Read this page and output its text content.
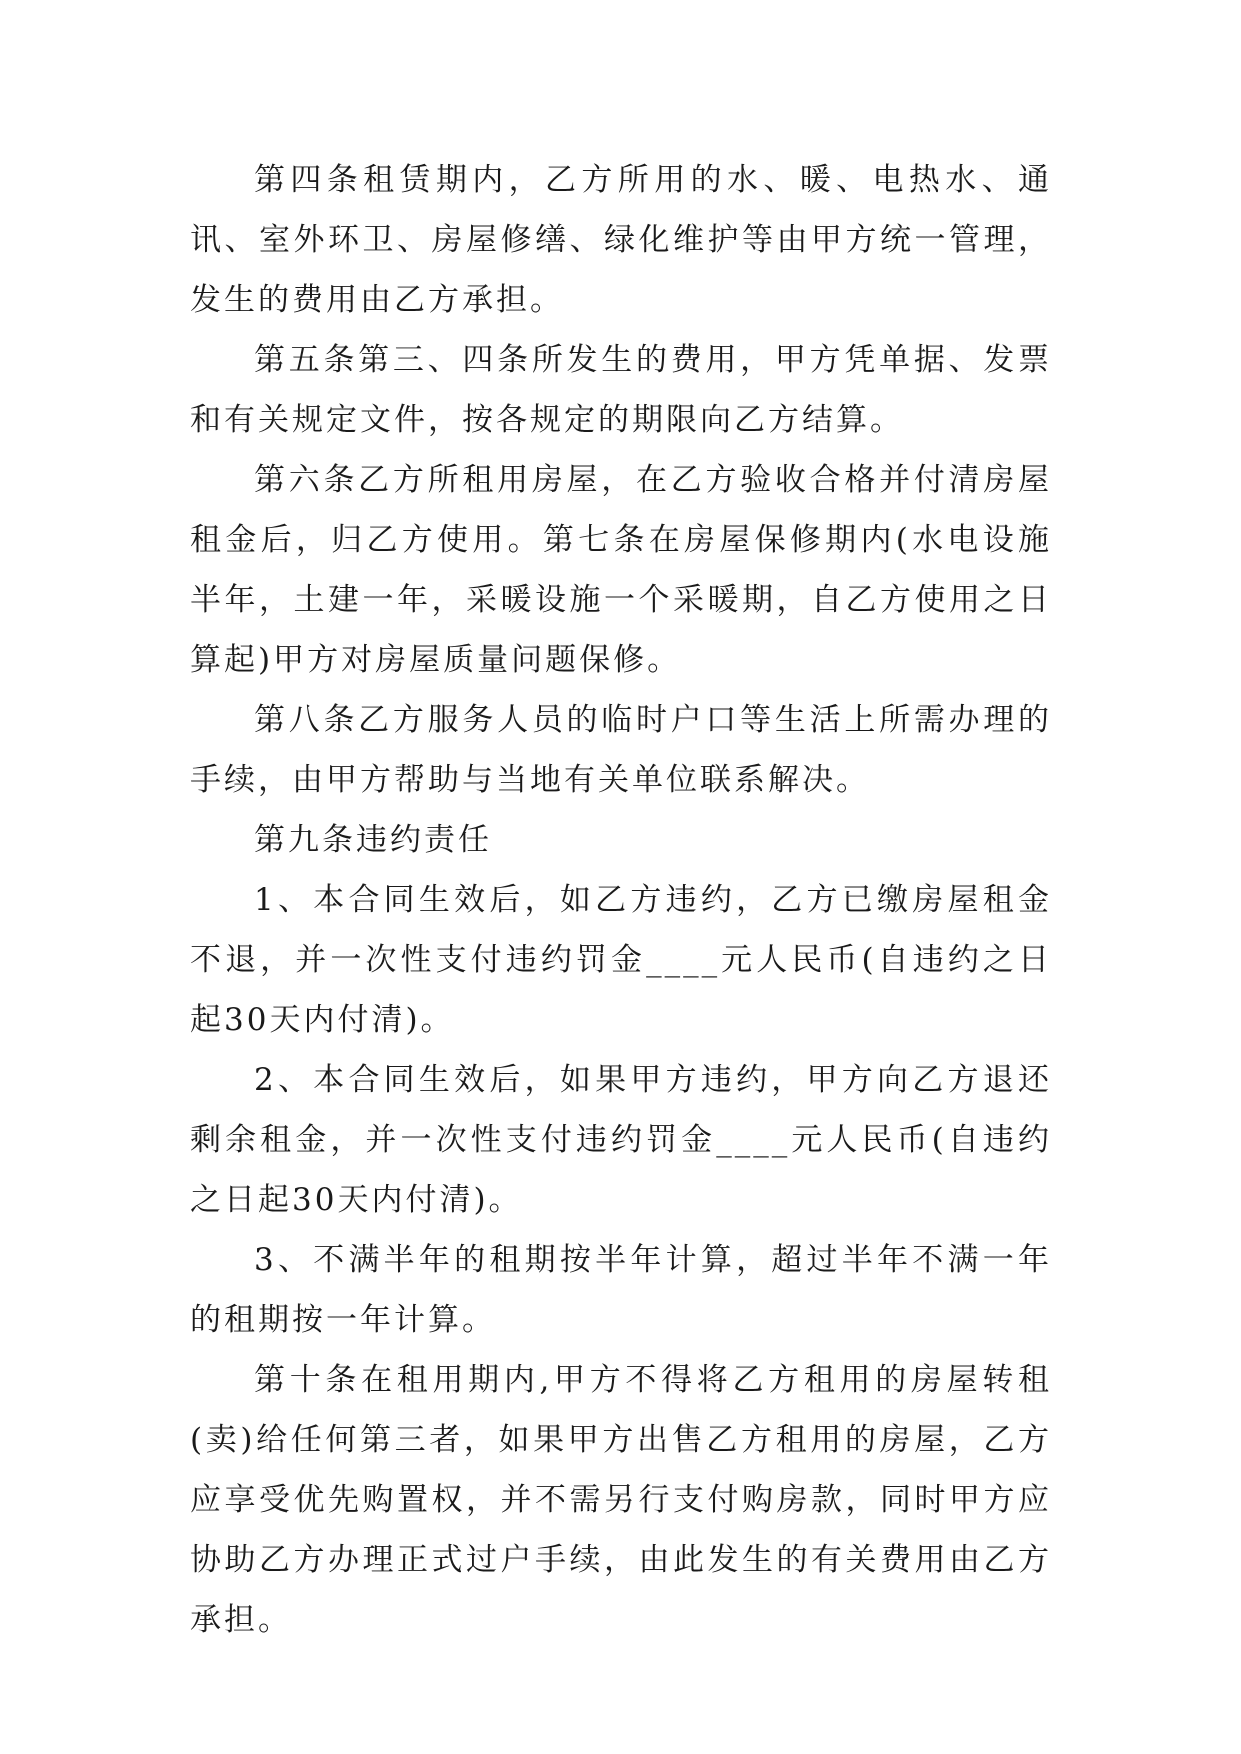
第四条租赁期内，乙方所用的水、暖、电热水、通讯、室外环卫、房屋修缮、绿化维护等由甲方统一管理，发生的费用由乙方承担。

第五条第三、四条所发生的费用，甲方凭单据、发票和有关规定文件，按各规定的期限向乙方结算。

第六条乙方所租用房屋，在乙方验收合格并付清房屋租金后，归乙方使用。第七条在房屋保修期内(水电设施半年，土建一年，采暖设施一个采暖期，自乙方使用之日算起)甲方对房屋质量问题保修。

第八条乙方服务人员的临时户口等生活上所需办理的手续，由甲方帮助与当地有关单位联系解决。

第九条违约责任

1、本合同生效后，如乙方违约，乙方已缴房屋租金不退，并一次性支付违约罚金____元人民币(自违约之日起30天内付清)。

2、本合同生效后，如果甲方违约，甲方向乙方退还剩余租金，并一次性支付违约罚金____元人民币(自违约之日起30天内付清)。

3、不满半年的租期按半年计算，超过半年不满一年的租期按一年计算。

第十条在租用期内,甲方不得将乙方租用的房屋转租(卖)给任何第三者，如果甲方出售乙方租用的房屋，乙方应享受优先购置权，并不需另行支付购房款，同时甲方应协助乙方办理正式过户手续，由此发生的有关费用由乙方承担。
